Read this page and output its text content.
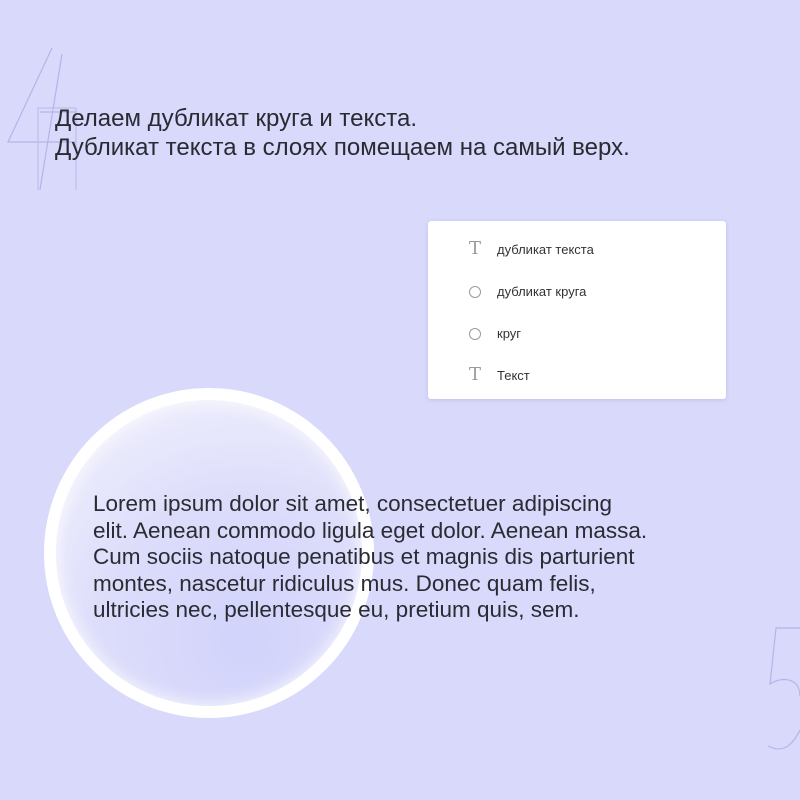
Делаем дубликат круга и текста.
Дубликат текста в слоях помещаем на самый верх.
T дубликат текста
дубликат круга
круг
T Текст

Lorem ipsum dolor sit amet, consectetuer adipiscing
elit. Aenean commodo ligula eget dolor. Aenean massa.
Cum sociis natoque penatibus et magnis dis parturient
montes, nascetur ridiculus mus. Donec quam felis,
ultricies nec, pellentesque eu, pretium quis, sem.
